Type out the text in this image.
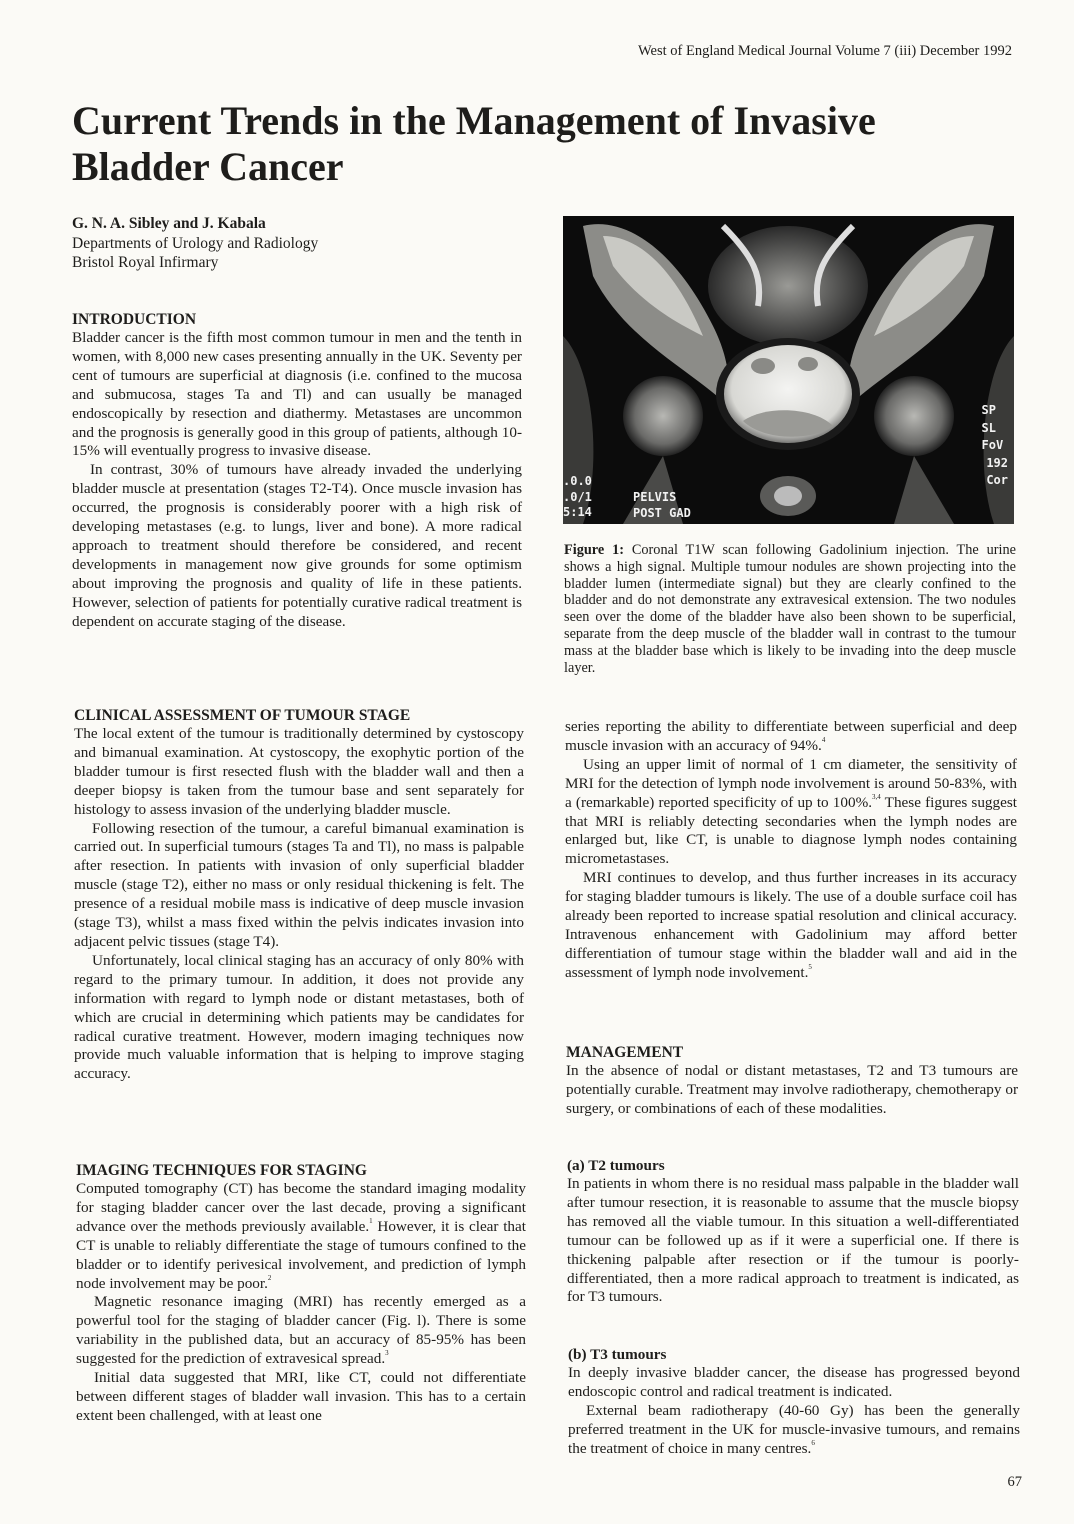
West of England Medical Journal Volume 7 (iii) December 1992
Current Trends in the Management of Invasive
Bladder Cancer
G. N. A. Sibley and J. Kabala
Departments of Urology and Radiology
Bristol Royal Infirmary
INTRODUCTION

Bladder cancer is the fifth most common tumour in men and the tenth in women, with 8,000 new cases presenting annually in the UK. Seventy per cent of tumours are superficial at diagnosis (i.e. confined to the mucosa and submucosa, stages Ta and Tl) and can usually be managed endoscopically by resection and diathermy. Metastases are uncommon and the prognosis is generally good in this group of patients, although 10-15% will eventually progress to invasive disease.

In contrast, 30% of tumours have already invaded the underlying bladder muscle at presentation (stages T2-T4). Once muscle invasion has occurred, the prognosis is considerably poorer with a high risk of developing metastases (e.g. to lungs, liver and bone). A more radical approach to treatment should therefore be considered, and recent developments in management now give grounds for some optimism about improving the prognosis and quality of life in these patients. However, selection of patients for potentially curative radical treatment is dependent on accurate staging of the disease.

CLINICAL ASSESSMENT OF TUMOUR STAGE

The local extent of the tumour is traditionally determined by cystoscopy and bimanual examination. At cystoscopy, the exophytic portion of the bladder tumour is first resected flush with the bladder wall and then a deeper biopsy is taken from the tumour base and sent separately for histology to assess invasion of the underlying bladder muscle.

Following resection of the tumour, a careful bimanual examination is carried out. In superficial tumours (stages Ta and Tl), no mass is palpable after resection. In patients with invasion of only superficial bladder muscle (stage T2), either no mass or only residual thickening is felt. The presence of a residual mobile mass is indicative of deep muscle invasion (stage T3), whilst a mass fixed within the pelvis indicates invasion into adjacent pelvic tissues (stage T4).

Unfortunately, local clinical staging has an accuracy of only 80% with regard to the primary tumour. In addition, it does not provide any information with regard to lymph node or distant metastases, both of which are crucial in determining which patients may be candidates for radical curative treatment. However, modern imaging techniques now provide much valuable information that is helping to improve staging accuracy.

IMAGING TECHNIQUES FOR STAGING

Computed tomography (CT) has become the standard imaging modality for staging bladder cancer over the last decade, proving a significant advance over the methods previously available.$^1$ However, it is clear that CT is unable to reliably differentiate the stage of tumours confined to the bladder or to identify perivesical involvement, and prediction of lymph node involvement may be poor.$^2$

Magnetic resonance imaging (MRI) has recently emerged as a powerful tool for the staging of bladder cancer (Fig. l). There is some variability in the published data, but an accuracy of 85-95% has been suggested for the prediction of extravesical spread.$^3$

Initial data suggested that MRI, like CT, could not differentiate between different stages of bladder wall invasion. This has to a certain extent been challenged, with at least one

.0.0
.0/1
5:14
PELVIS
POST GAD
SP
SL
FoV
192
Cor
Figure 1: Coronal T1W scan following Gadolinium injection. The urine shows a high signal. Multiple tumour nodules are shown projecting into the bladder lumen (intermediate signal) but they are clearly confined to the bladder and do not demonstrate any extravesical extension. The two nodules seen over the dome of the bladder have also been shown to be superficial, separate from the deep muscle of the bladder wall in contrast to the tumour mass at the bladder base which is likely to be invading into the deep muscle layer.

series reporting the ability to differentiate between superficial and deep muscle invasion with an accuracy of 94%.$^4$

Using an upper limit of normal of 1 cm diameter, the sensitivity of MRI for the detection of lymph node involvement is around 50-83%, with a (remarkable) reported specificity of up to 100%.$^{3,4}$ These figures suggest that MRI is reliably detecting secondaries when the lymph nodes are enlarged but, like CT, is unable to diagnose lymph nodes containing micrometastases.

MRI continues to develop, and thus further increases in its accuracy for staging bladder tumours is likely. The use of a double surface coil has already been reported to increase spatial resolution and clinical accuracy. Intravenous enhancement with Gadolinium may afford better differentiation of tumour stage within the bladder wall and aid in the assessment of lymph node involvement.$^5$

MANAGEMENT

In the absence of nodal or distant metastases, T2 and T3 tumours are potentially curable. Treatment may involve radiotherapy, chemotherapy or surgery, or combinations of each of these modalities.

(a) T2 tumours

In patients in whom there is no residual mass palpable in the bladder wall after tumour resection, it is reasonable to assume that the muscle biopsy has removed all the viable tumour. In this situation a well-differentiated tumour can be followed up as if it were a superficial one. If there is thickening palpable after resection or if the tumour is poorly-differentiated, then a more radical approach to treatment is indicated, as for T3 tumours.

(b) T3 tumours

In deeply invasive bladder cancer, the disease has progressed beyond endoscopic control and radical treatment is indicated.

External beam radiotherapy (40-60 Gy) has been the generally preferred treatment in the UK for muscle-invasive tumours, and remains the treatment of choice in many centres.$^6$

67
